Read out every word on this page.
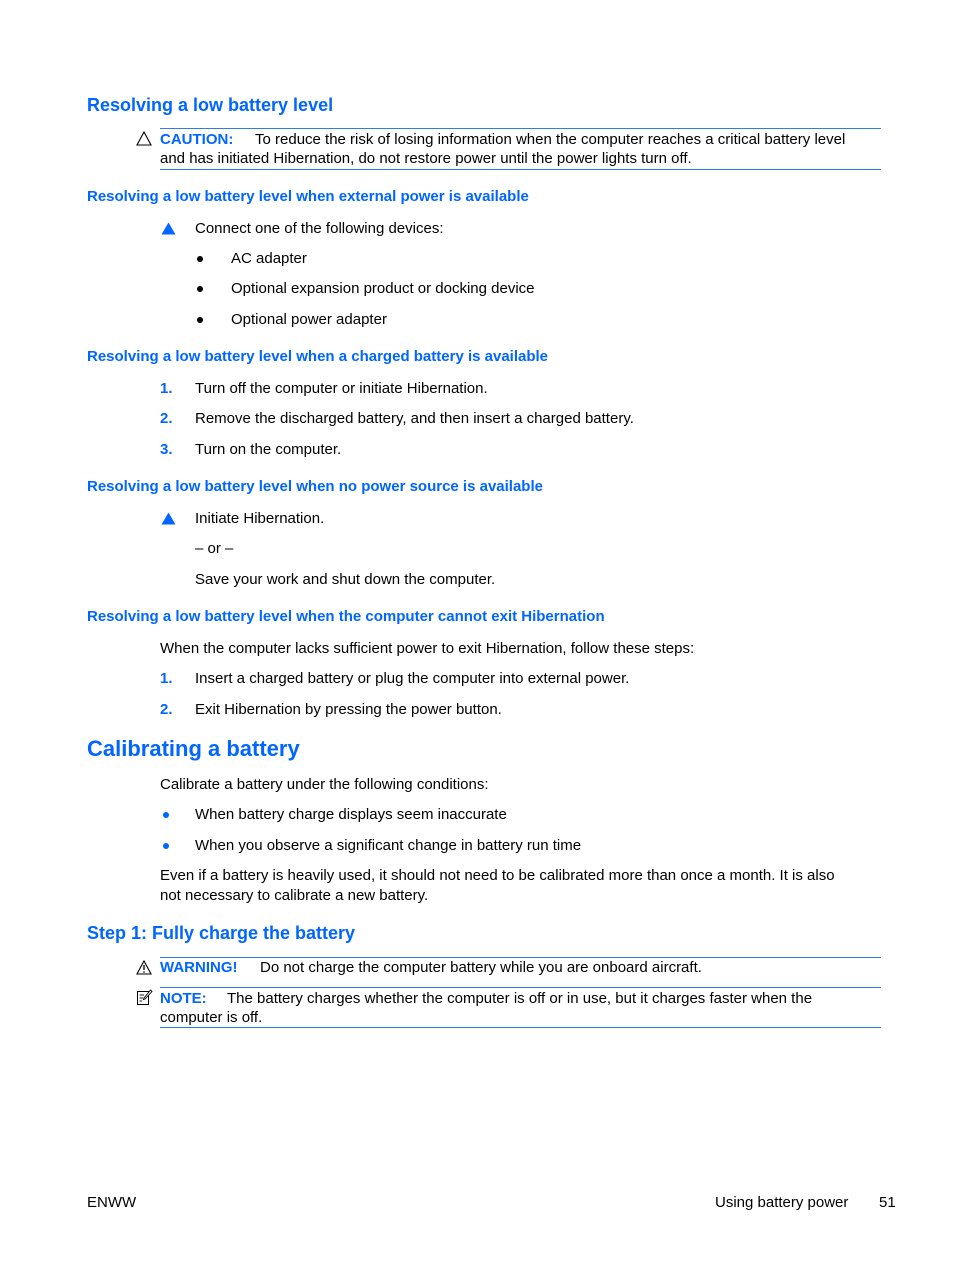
Resolving a low battery level
CAUTION: To reduce the risk of losing information when the computer reaches a critical battery level
and has initiated Hibernation, do not restore power until the power lights turn off.
Resolving a low battery level when external power is available
Connect one of the following devices:
AC adapter
Optional expansion product or docking device
Optional power adapter
Resolving a low battery level when a charged battery is available
1. Turn off the computer or initiate Hibernation.
2. Remove the discharged battery, and then insert a charged battery.
3. Turn on the computer.
Resolving a low battery level when no power source is available
Initiate Hibernation.
– or –
Save your work and shut down the computer.
Resolving a low battery level when the computer cannot exit Hibernation
When the computer lacks sufficient power to exit Hibernation, follow these steps:
1. Insert a charged battery or plug the computer into external power.
2. Exit Hibernation by pressing the power button.
Calibrating a battery
Calibrate a battery under the following conditions:
When battery charge displays seem inaccurate
When you observe a significant change in battery run time
Even if a battery is heavily used, it should not need to be calibrated more than once a month. It is also
not necessary to calibrate a new battery.
Step 1: Fully charge the battery
WARNING! Do not charge the computer battery while you are onboard aircraft.
NOTE: The battery charges whether the computer is off or in use, but it charges faster when the
computer is off.
ENWW	Using battery power 51
